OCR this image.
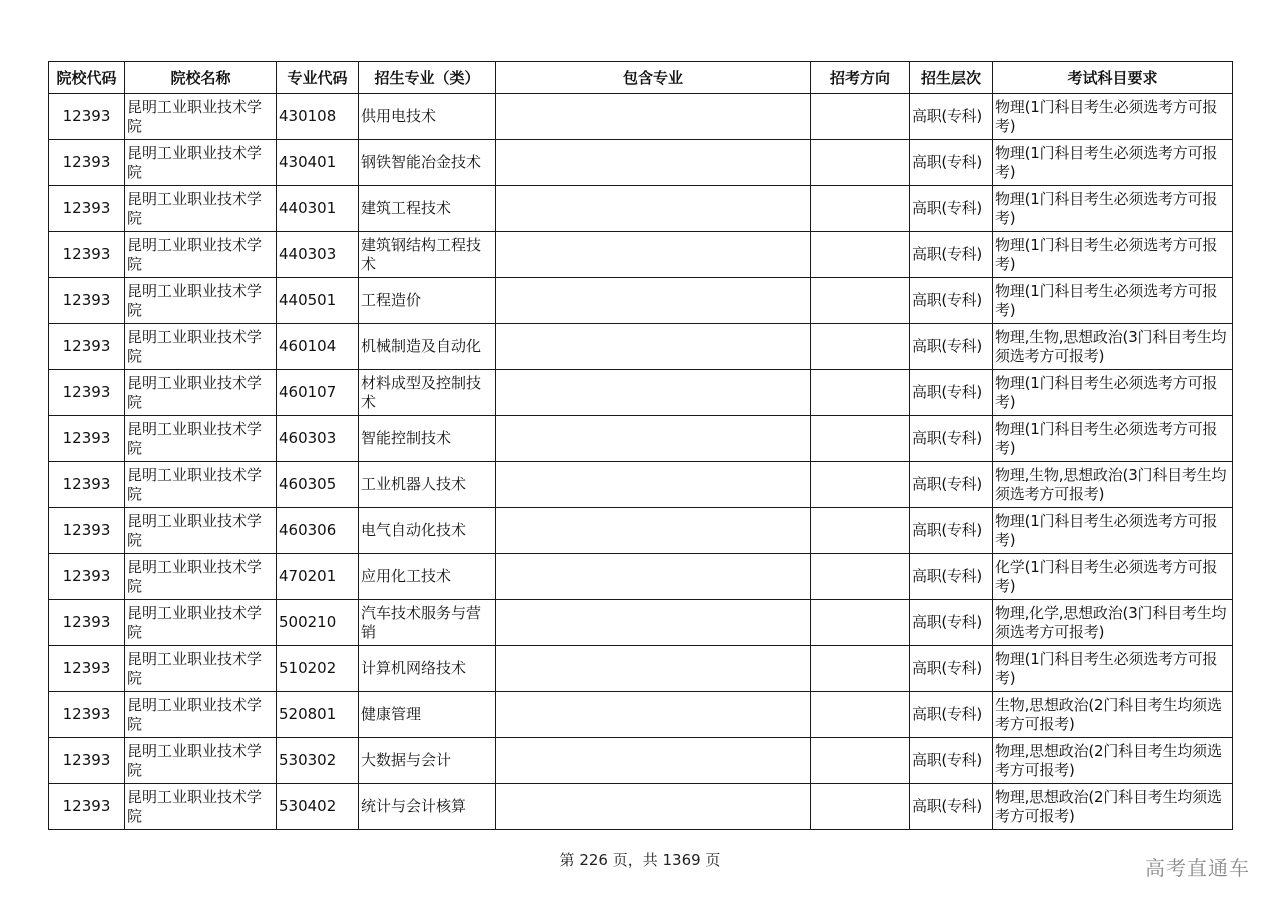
院校代码	院校名称	专业代码	招生专业（类）	包含专业	招考方向	招生层次	考试科目要求
12393	昆明工业职业技术学院	430108	供用电技术			高职(专科)	物理(1门科目考生必须选考方可报考)
12393	昆明工业职业技术学院	430401	钢铁智能冶金技术			高职(专科)	物理(1门科目考生必须选考方可报考)
12393	昆明工业职业技术学院	440301	建筑工程技术			高职(专科)	物理(1门科目考生必须选考方可报考)
12393	昆明工业职业技术学院	440303	建筑钢结构工程技术			高职(专科)	物理(1门科目考生必须选考方可报考)
12393	昆明工业职业技术学院	440501	工程造价			高职(专科)	物理(1门科目考生必须选考方可报考)
12393	昆明工业职业技术学院	460104	机械制造及自动化			高职(专科)	物理,生物,思想政治(3门科目考生均须选考方可报考)
12393	昆明工业职业技术学院	460107	材料成型及控制技术			高职(专科)	物理(1门科目考生必须选考方可报考)
12393	昆明工业职业技术学院	460303	智能控制技术			高职(专科)	物理(1门科目考生必须选考方可报考)
12393	昆明工业职业技术学院	460305	工业机器人技术			高职(专科)	物理,生物,思想政治(3门科目考生均须选考方可报考)
12393	昆明工业职业技术学院	460306	电气自动化技术			高职(专科)	物理(1门科目考生必须选考方可报考)
12393	昆明工业职业技术学院	470201	应用化工技术			高职(专科)	化学(1门科目考生必须选考方可报考)
12393	昆明工业职业技术学院	500210	汽车技术服务与营销			高职(专科)	物理,化学,思想政治(3门科目考生均须选考方可报考)
12393	昆明工业职业技术学院	510202	计算机网络技术			高职(专科)	物理(1门科目考生必须选考方可报考)
12393	昆明工业职业技术学院	520801	健康管理			高职(专科)	生物,思想政治(2门科目考生均须选考方可报考)
12393	昆明工业职业技术学院	530302	大数据与会计			高职(专科)	物理,思想政治(2门科目考生均须选考方可报考)
12393	昆明工业职业技术学院	530402	统计与会计核算			高职(专科)	物理,思想政治(2门科目考生均须选考方可报考)
第 226 页，共 1369 页	高考直通车
